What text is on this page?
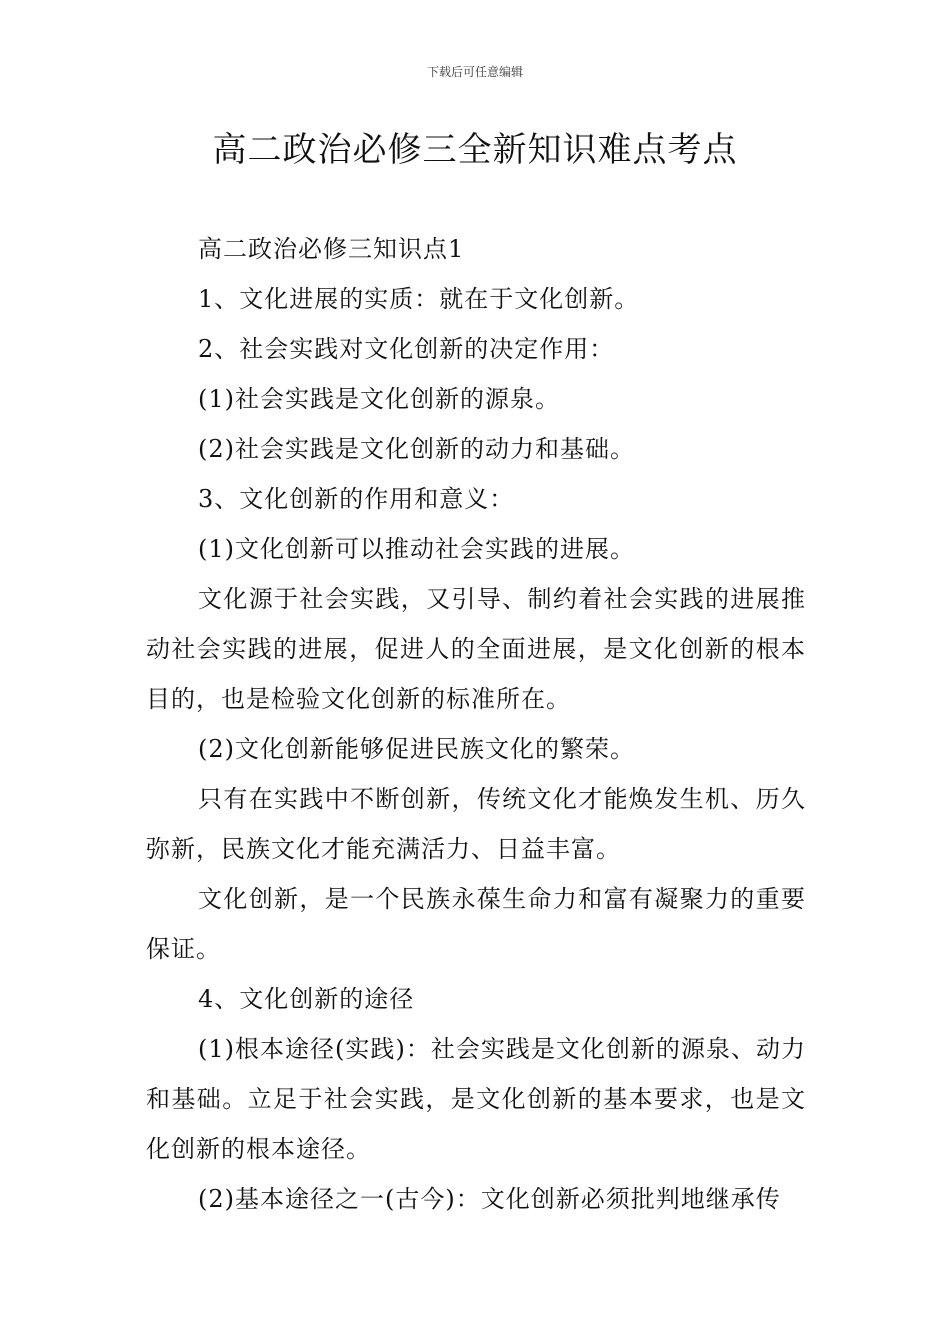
下载后可任意编辑
高二政治必修三全新知识难点考点

高二政治必修三知识点1

1、文化进展的实质：就在于文化创新。

2、社会实践对文化创新的决定作用：

(1)社会实践是文化创新的源泉。

(2)社会实践是文化创新的动力和基础。

3、文化创新的作用和意义：

(1)文化创新可以推动社会实践的进展。

文化源于社会实践，又引导、制约着社会实践的进展推动社会实践的进展，促进人的全面进展，是文化创新的根本目的，也是检验文化创新的标准所在。

(2)文化创新能够促进民族文化的繁荣。

只有在实践中不断创新，传统文化才能焕发生机、历久弥新，民族文化才能充满活力、日益丰富。

文化创新，是一个民族永葆生命力和富有凝聚力的重要保证。

4、文化创新的途径

(1)根本途径(实践)：社会实践是文化创新的源泉、动力和基础。立足于社会实践，是文化创新的基本要求，也是文化创新的根本途径。

(2)基本途径之一(古今)：文化创新必须批判地继承传
